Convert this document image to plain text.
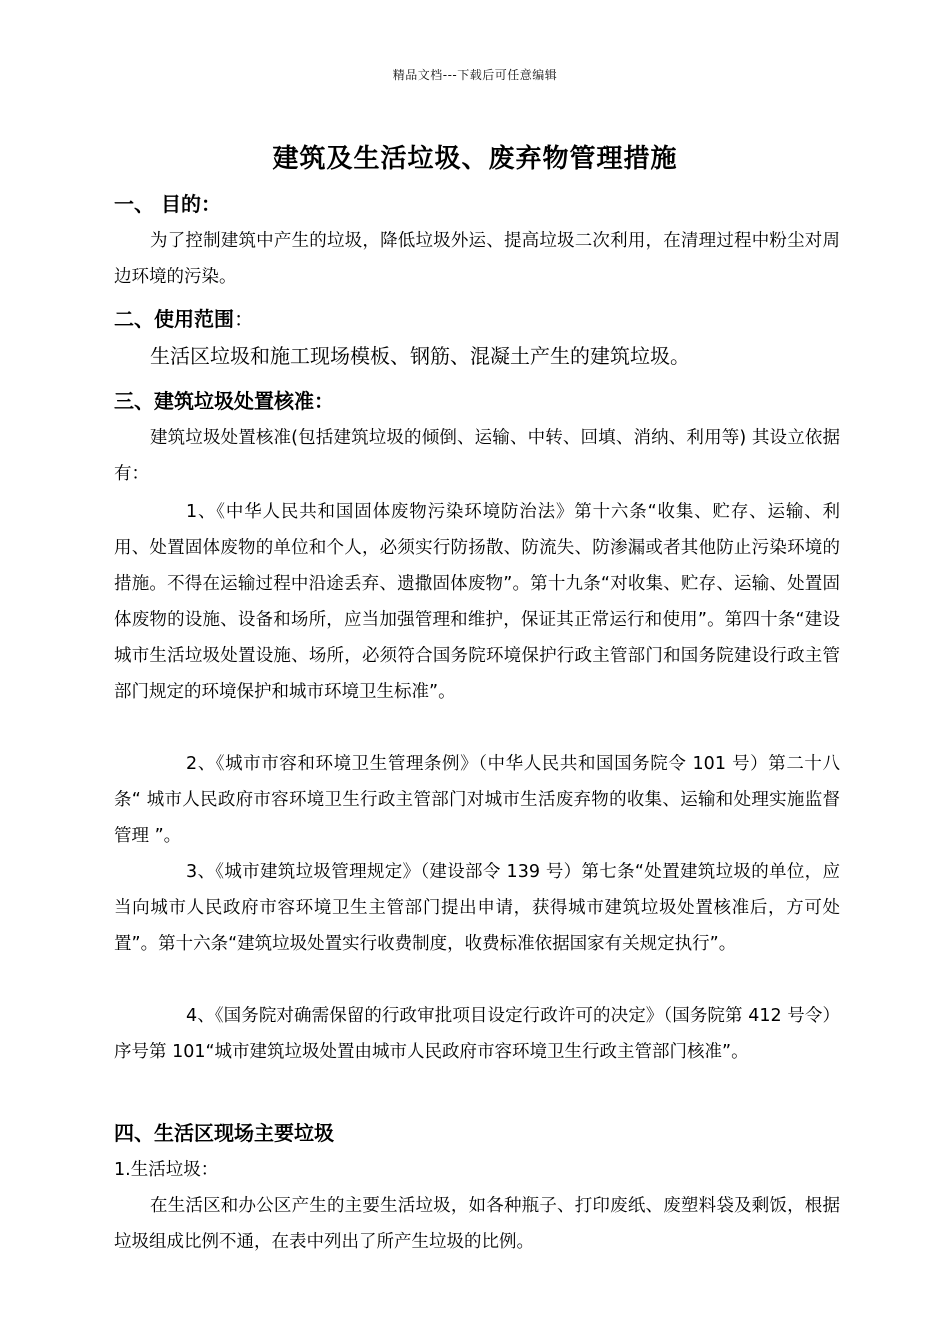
精品文档---下载后可任意编辑
建筑及生活垃圾、废弃物管理措施
一、 目的：
为了控制建筑中产生的垃圾，降低垃圾外运、提高垃圾二次利用，在清理过程中粉尘对周边环境的污染。
二、使用范围：
生活区垃圾和施工现场模板、钢筋、混凝土产生的建筑垃圾。
三、建筑垃圾处置核准：
建筑垃圾处置核准(包括建筑垃圾的倾倒、运输、中转、回填、消纳、利用等) 其设立依据有：
1、《中华人民共和国固体废物污染环境防治法》第十六条“收集、贮存、运输、利用、处置固体废物的单位和个人，必须实行防扬散、防流失、防渗漏或者其他防止污染环境的措施。不得在运输过程中沿途丢弃、遗撒固体废物”。第十九条“对收集、贮存、运输、处置固体废物的设施、设备和场所，应当加强管理和维护，保证其正常运行和使用”。第四十条“建设城市生活垃圾处置设施、场所，必须符合国务院环境保护行政主管部门和国务院建设行政主管部门规定的环境保护和城市环境卫生标准”。
2、《城市市容和环境卫生管理条例》（中华人民共和国国务院令 101 号）第二十八条“ 城市人民政府市容环境卫生行政主管部门对城市生活废弃物的收集、运输和处理实施监督管理 ”。
3、《城市建筑垃圾管理规定》（建设部令 139 号）第七条“处置建筑垃圾的单位，应当向城市人民政府市容环境卫生主管部门提出申请，获得城市建筑垃圾处置核准后，方可处置”。第十六条“建筑垃圾处置实行收费制度，收费标准依据国家有关规定执行”。
4、《国务院对确需保留的行政审批项目设定行政许可的决定》（国务院第 412 号令）序号第 101“城市建筑垃圾处置由城市人民政府市容环境卫生行政主管部门核准”。
四、生活区现场主要垃圾
1.生活垃圾：
在生活区和办公区产生的主要生活垃圾，如各种瓶子、打印废纸、废塑料袋及剩饭，根据垃圾组成比例不通，在表中列出了所产生垃圾的比例。
